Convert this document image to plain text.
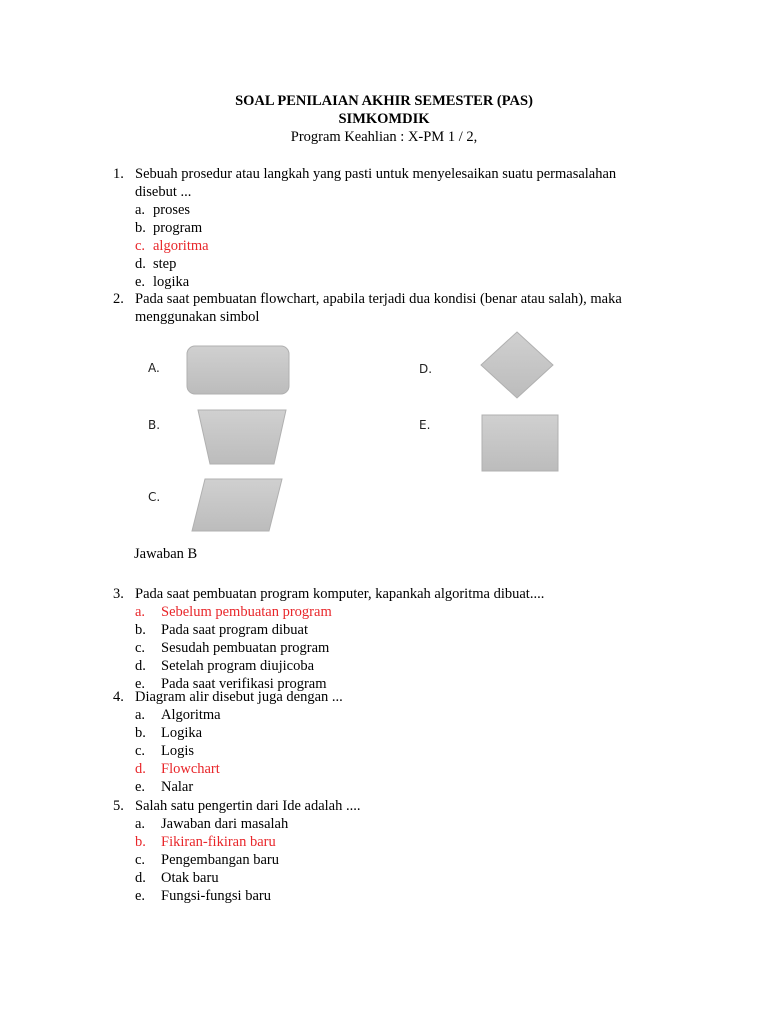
SOAL PENILAIAN AKHIR SEMESTER (PAS)
SIMKOMDIK
Program Keahlian : X-PM 1 / 2,
1. Sebuah prosedur atau langkah yang pasti untuk menyelesaikan suatu permasalahan
disebut ...
a. proses
b. program
c. algoritma
d. step
e. logika
2. Pada saat pembuatan flowchart, apabila terjadi dua kondisi (benar atau salah), maka
menggunakan simbol
A.
B.
C.
D.
E.
Jawaban B
3. Pada saat pembuatan program komputer, kapankah algoritma dibuat....
a. Sebelum pembuatan program
b. Pada saat program dibuat
c. Sesudah pembuatan program
d. Setelah program diujicoba
e. Pada saat verifikasi program
4. Diagram alir disebut juga dengan ...
a. Algoritma
b. Logika
c. Logis
d. Flowchart
e. Nalar
5. Salah satu pengertin dari Ide adalah ....
a. Jawaban dari masalah
b. Fikiran-fikiran baru
c. Pengembangan baru
d. Otak baru
e. Fungsi-fungsi baru
